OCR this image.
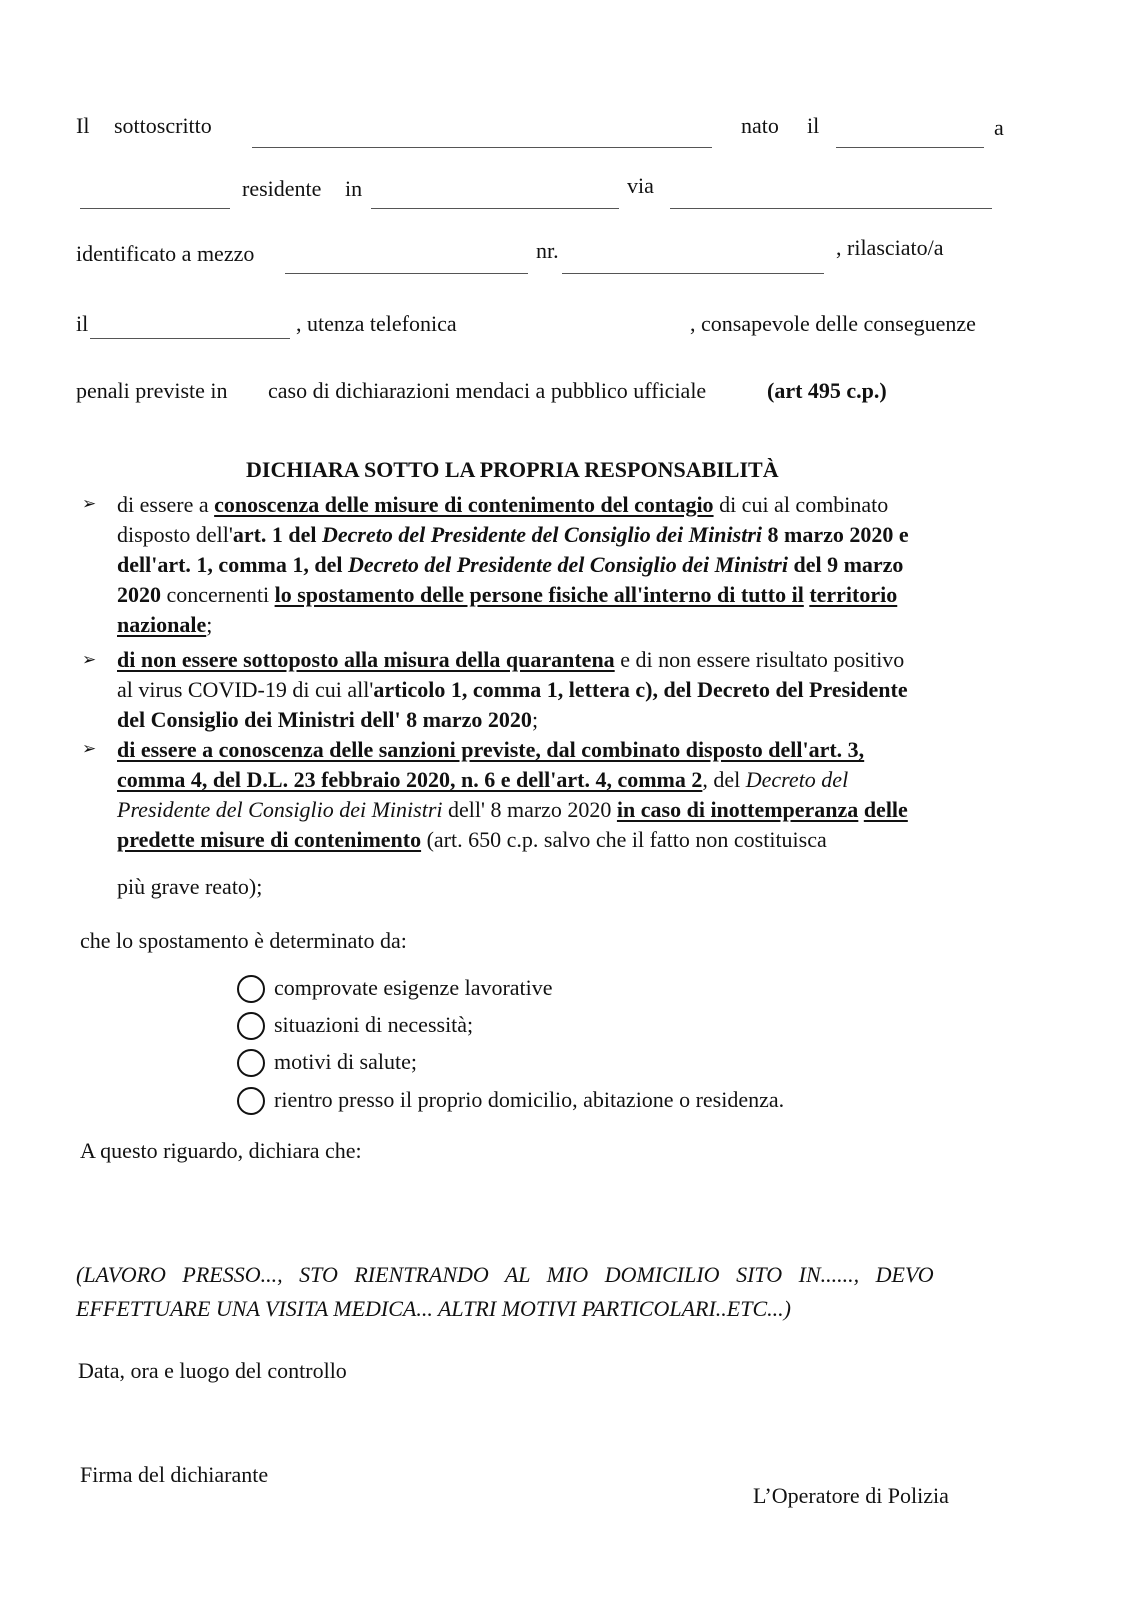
Il sottoscritto	nato il	a
residente in	via
identificato a mezzo	nr.	, rilasciato/a
il	, utenza telefonica	, consapevole delle conseguenze
penali previste in caso di dichiarazioni mendaci a pubblico ufficiale	(art 495 c.p.)
DICHIARA SOTTO LA PROPRIA RESPONSABILITÀ
➢ di essere a conoscenza delle misure di contenimento del contagio di cui al combinato
disposto dell'art. 1 del Decreto del Presidente del Consiglio dei Ministri 8 marzo 2020 e
dell'art. 1, comma 1, del Decreto del Presidente del Consiglio dei Ministri del 9 marzo
2020 concernenti lo spostamento delle persone fisiche all'interno di tutto il territorio
nazionale;
➢ di non essere sottoposto alla misura della quarantena e di non essere risultato positivo
al virus COVID-19 di cui all'articolo 1, comma 1, lettera c), del Decreto del Presidente
del Consiglio dei Ministri dell' 8 marzo 2020;
➢ di essere a conoscenza delle sanzioni previste, dal combinato disposto dell'art. 3,
comma 4, del D.L. 23 febbraio 2020, n. 6 e dell'art. 4, comma 2, del Decreto del
Presidente del Consiglio dei Ministri dell' 8 marzo 2020 in caso di inottemperanza delle
predette misure di contenimento (art. 650 c.p. salvo che il fatto non costituisca
più grave reato);
che lo spostamento è determinato da:
comprovate esigenze lavorative
situazioni di necessità;
motivi di salute;
rientro presso il proprio domicilio, abitazione o residenza.
A questo riguardo, dichiara che:
(LAVORO   PRESSO...,   STO   RIENTRANDO   AL   MIO   DOMICILIO   SITO   IN......,   DEVO
EFFETTUARE UNA VISITA MEDICA... ALTRI MOTIVI PARTICOLARI..ETC...)
Data, ora e luogo del controllo
Firma del dichiarante
L’Operatore di Polizia
